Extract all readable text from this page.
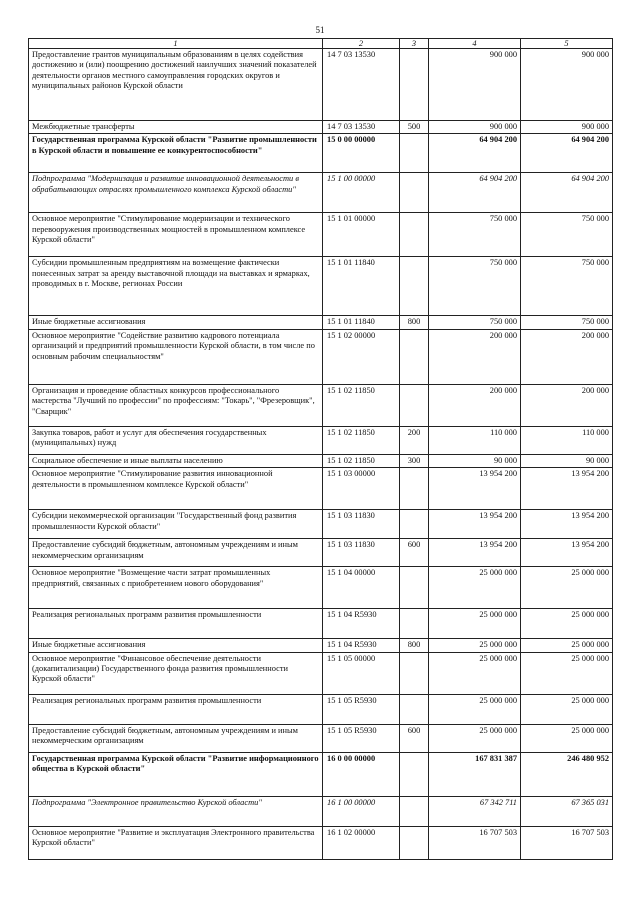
51
1	2	3	4	5
Предоставление грантов муниципальным образованиям в целях содействия достижению и (или) поощрению достижений наилучших значений показателей деятельности органов местного самоуправления городских округов и муниципальных районов Курской области	14 7 03 13530		900 000	900 000
Межбюджетные трансферты	14 7 03 13530	500	900 000	900 000
Государственная программа Курской области "Развитие промышленности в Курской области и повышение ее конкурентоспособности"	15 0 00 00000		64 904 200	64 904 200
Подпрограмма "Модернизация и развитие инновационной деятельности в обрабатывающих отраслях промышленного комплекса Курской области"	15 1 00 00000		64 904 200	64 904 200
Основное мероприятие "Стимулирование модернизации и технического перевооружения производственных мощностей в промышленном комплексе Курской области"	15 1 01 00000		750 000	750 000
Субсидии промышленным предприятиям на возмещение фактически понесенных затрат за аренду выставочной площади на выставках и ярмарках, проводимых в г. Москве, регионах России	15 1 01 11840		750 000	750 000
Иные бюджетные ассигнования	15 1 01 11840	800	750 000	750 000
Основное мероприятие "Содействие развитию кадрового потенциала организаций и предприятий промышленности Курской области, в том числе по основным рабочим специальностям"	15 1 02 00000		200 000	200 000
Организация и проведение областных конкурсов профессионального мастерства "Лучший по профессии" по профессиям: "Токарь", "Фрезеровщик", "Сварщик"	15 1 02 11850		200 000	200 000
Закупка товаров, работ и услуг для обеспечения государственных (муниципальных) нужд	15 1 02 11850	200	110 000	110 000
Социальное обеспечение и иные выплаты населению	15 1 02 11850	300	90 000	90 000
Основное мероприятие "Стимулирование развития инновационной деятельности в промышленном комплексе Курской области"	15 1 03 00000		13 954 200	13 954 200
Субсидии некоммерческой организации "Государственный фонд развития промышленности Курской области"	15 1 03 11830		13 954 200	13 954 200
Предоставление субсидий бюджетным, автономным учреждениям и иным некоммерческим организациям	15 1 03 11830	600	13 954 200	13 954 200
Основное мероприятие "Возмещение части затрат промышленных предприятий, связанных с приобретением нового оборудования"	15 1 04 00000		25 000 000	25 000 000
Реализация региональных программ развития промышленности	15 1 04 R5930		25 000 000	25 000 000
Иные бюджетные ассигнования	15 1 04 R5930	800	25 000 000	25 000 000
Основное мероприятие "Финансовое обеспечение деятельности (докапитализации) Государственного фонда развития промышленности Курской области"	15 1 05 00000		25 000 000	25 000 000
Реализация региональных программ развития промышленности	15 1 05 R5930		25 000 000	25 000 000
Предоставление субсидий бюджетным, автономным учреждениям и иным некоммерческим организациям	15 1 05 R5930	600	25 000 000	25 000 000
Государственная программа Курской области "Развитие информационного общества в Курской области"	16 0 00 00000		167 831 387	246 480 952
Подпрограмма "Электронное правительство Курской области"	16 1 00 00000		67 342 711	67 365 031
Основное мероприятие "Развитие и эксплуатация Электронного правительства Курской области"	16 1 02 00000		16 707 503	16 707 503
